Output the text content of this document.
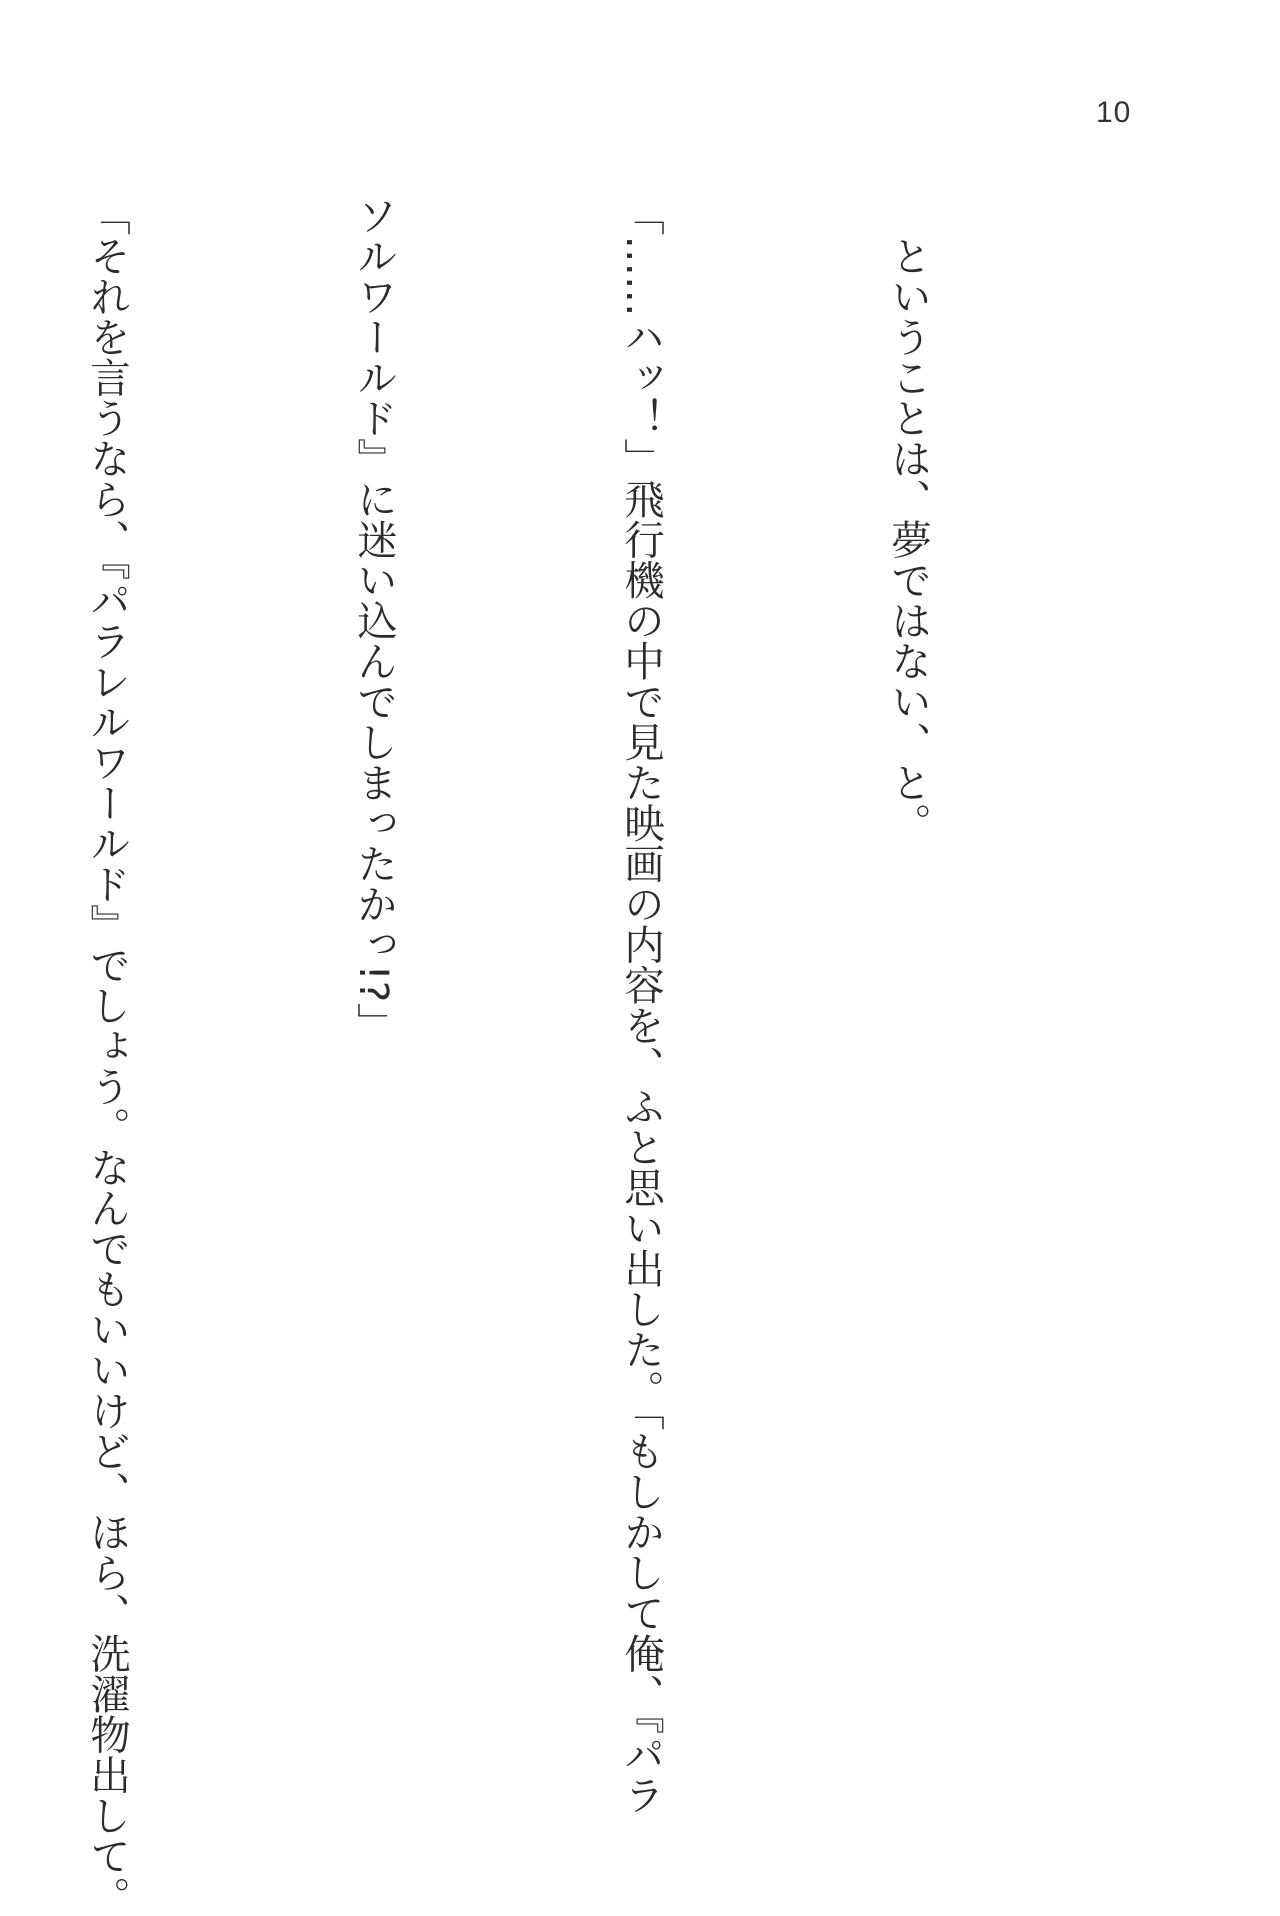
10

　ということは、夢ではない、と。

「……ハッ！」飛行機の中で見た映画の内容を、ふと思い出した。「もしかして俺、『パラ

ソルワールド』に迷い込んでしまったかっ!?」

「それを言うなら、『パラレルワールド』でしょう。なんでもいいけど、ほら、洗濯物出して。
